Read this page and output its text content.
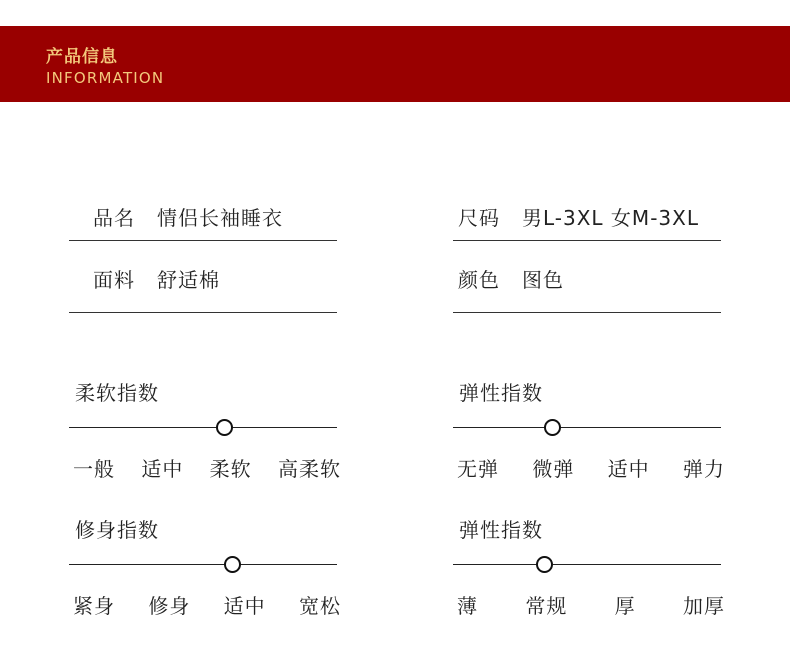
产品信息
INFORMATION
品名 情侣长袖睡衣	尺码 男L-3XL 女M-3XL
面料 舒适棉	颜色 图色
柔软指数
一般 适中 柔软 高柔软
弹性指数
无弹 微弹 适中 弹力
修身指数
紧身 修身 适中 宽松
弹性指数
薄 常规 厚 加厚
